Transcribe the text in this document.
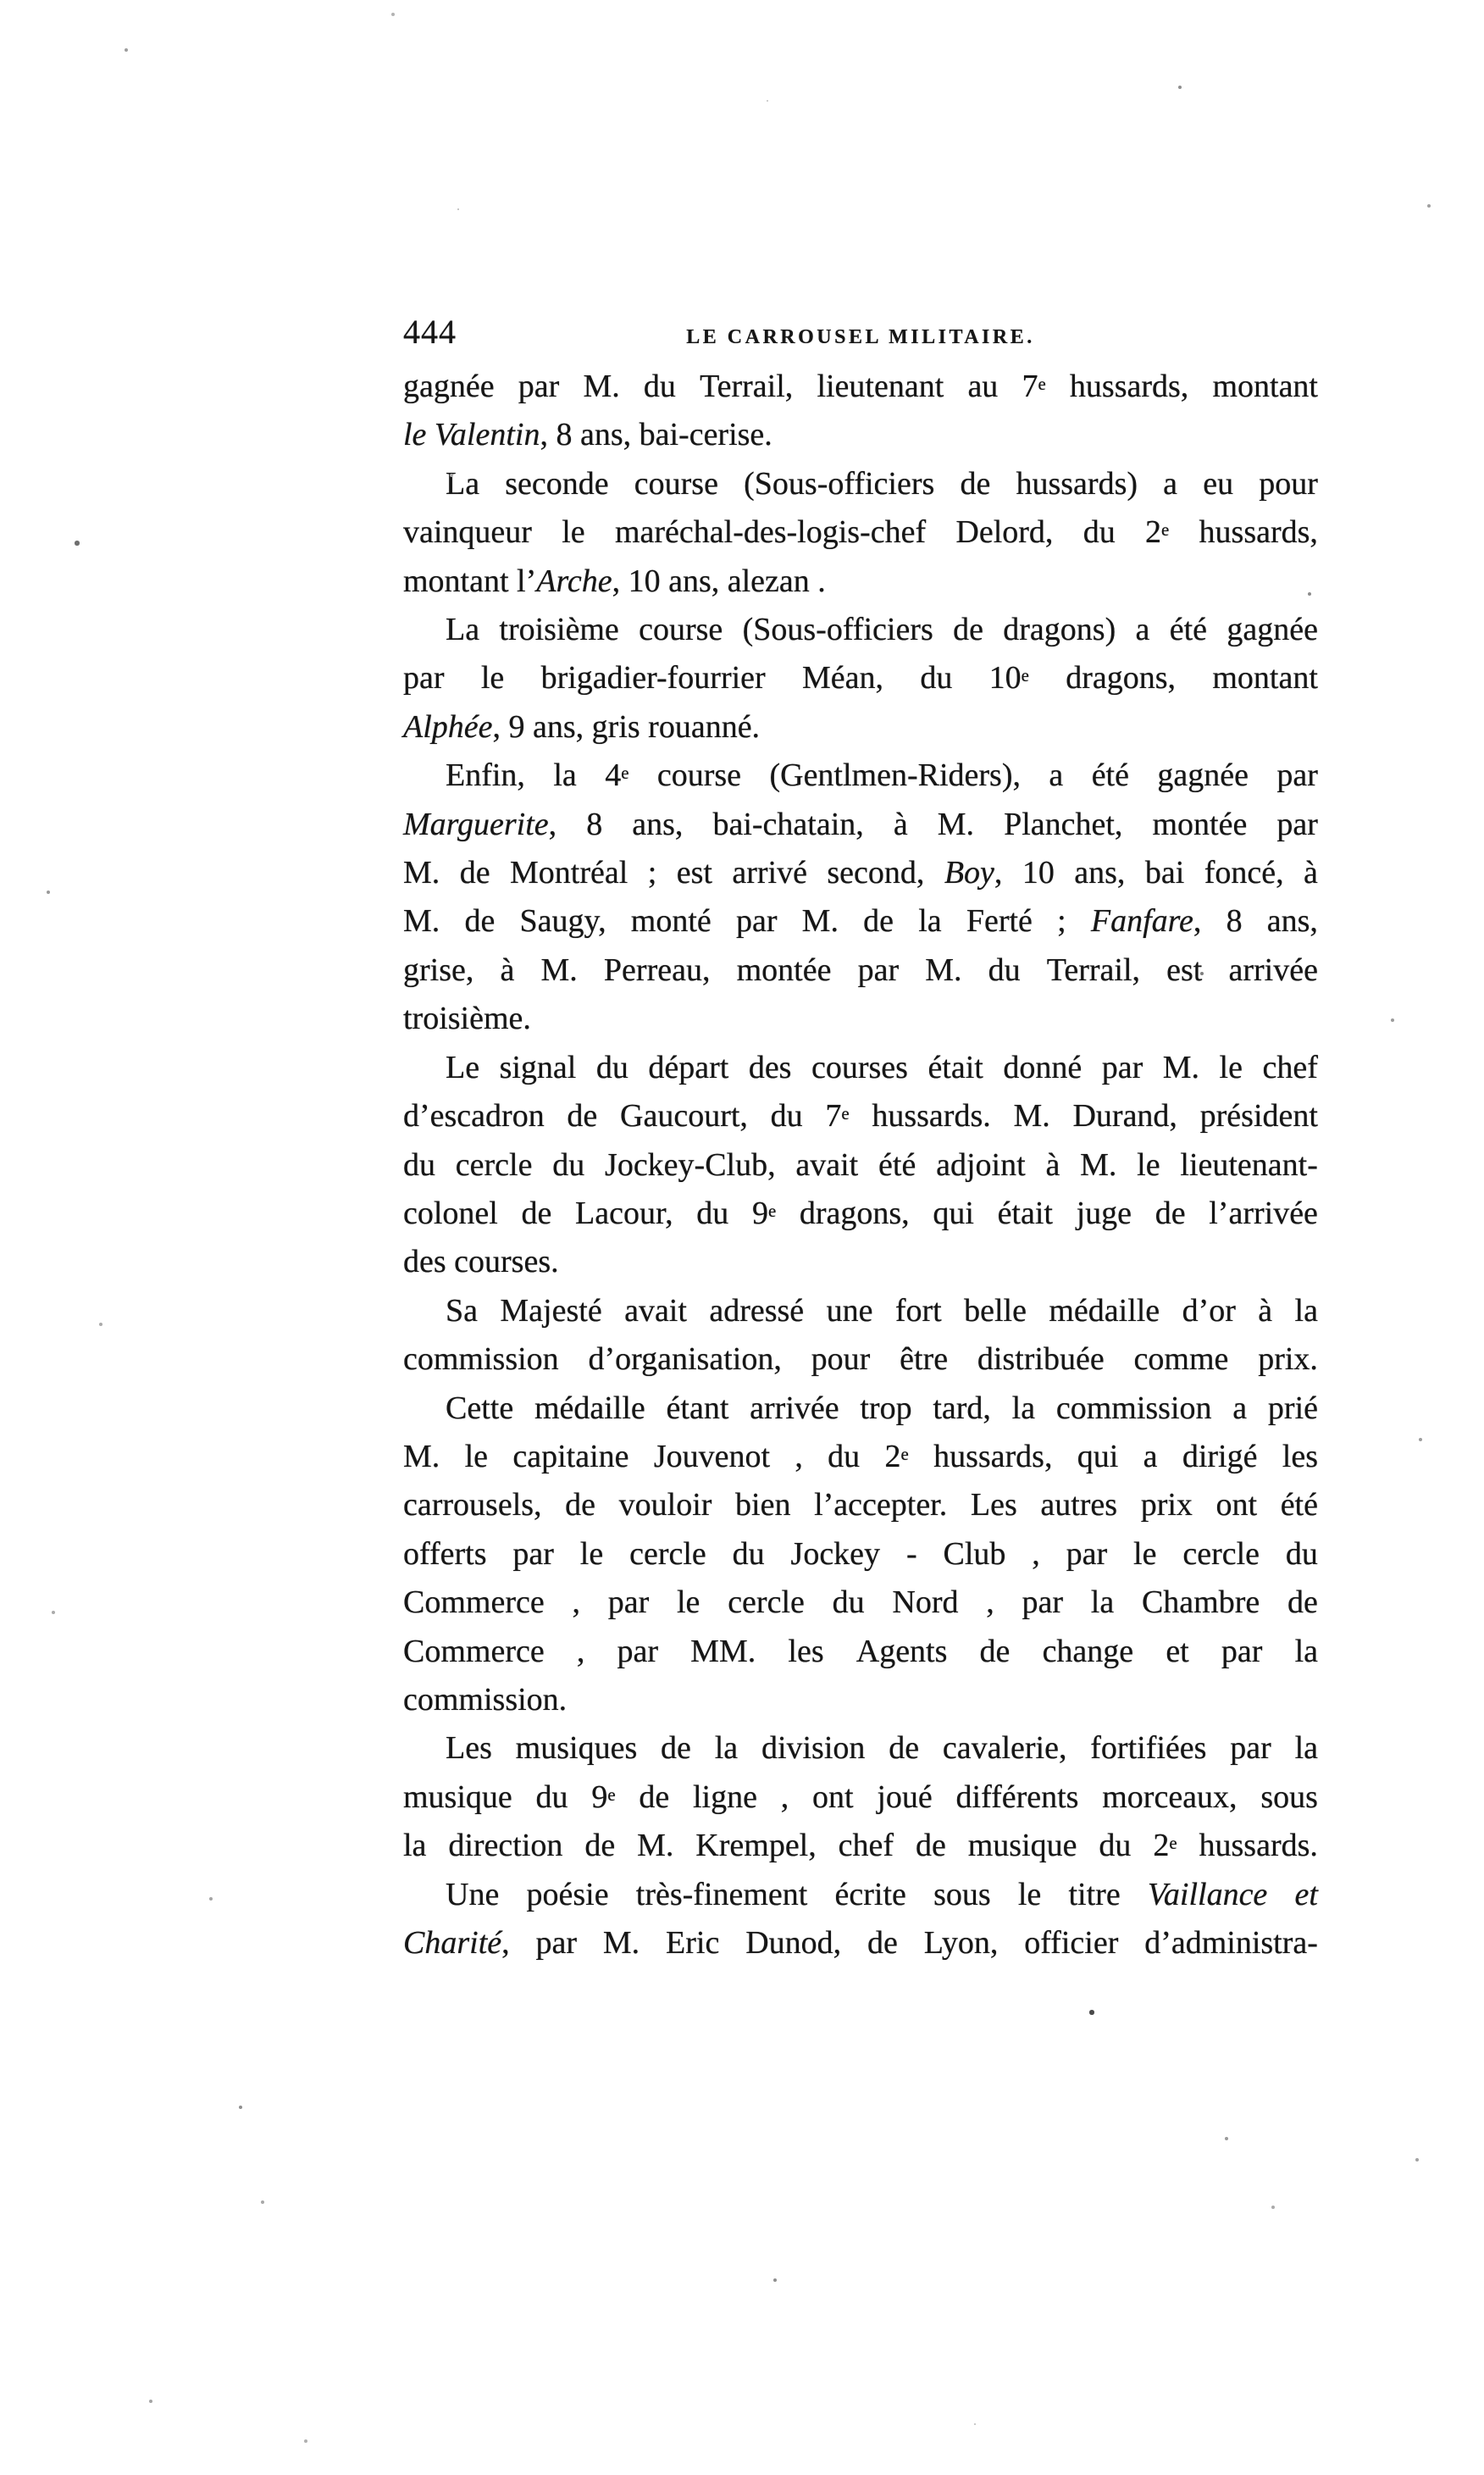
444	LE CARROUSEL MILITAIRE.
gagnée par M. du Terrail, lieutenant au 7e hussards, montant
le Valentin, 8 ans, bai-cerise.
La seconde course (Sous-officiers de hussards) a eu pour
vainqueur le maréchal-des-logis-chef Delord, du 2e hussards,
montant l’Arche, 10 ans, alezan .
La troisième course (Sous-officiers de dragons) a été gagnée
par le brigadier-fourrier Méan, du 10e dragons, montant
Alphée, 9 ans, gris rouanné.
Enfin, la 4e course (Gentlmen-Riders), a été gagnée par
Marguerite, 8 ans, bai-chatain, à M. Planchet, montée par
M. de Montréal ; est arrivé second, Boy, 10 ans, bai foncé, à
M. de Saugy, monté par M. de la Ferté ; Fanfare, 8 ans,
grise, à M. Perreau, montée par M. du Terrail, est arrivée
troisième.
Le signal du départ des courses était donné par M. le chef
d’escadron de Gaucourt, du 7e hussards. M. Durand, président
du cercle du Jockey-Club, avait été adjoint à M. le lieutenant-
colonel de Lacour, du 9e dragons, qui était juge de l’arrivée
des courses.
Sa Majesté avait adressé une fort belle médaille d’or à la
commission d’organisation, pour être distribuée comme prix.
Cette médaille étant arrivée trop tard, la commission a prié
M. le capitaine Jouvenot , du 2e hussards, qui a dirigé les
carrousels, de vouloir bien l’accepter. Les autres prix ont été
offerts par le cercle du Jockey - Club , par le cercle du
Commerce , par le cercle du Nord , par la Chambre de
Commerce , par MM. les Agents de change et par la
commission.
Les musiques de la division de cavalerie, fortifiées par la
musique du 9e de ligne , ont joué différents morceaux, sous
la direction de M. Krempel, chef de musique du 2e hussards.
Une poésie très-finement écrite sous le titre Vaillance et
Charité, par M. Eric Dunod, de Lyon, officier d’administra-
